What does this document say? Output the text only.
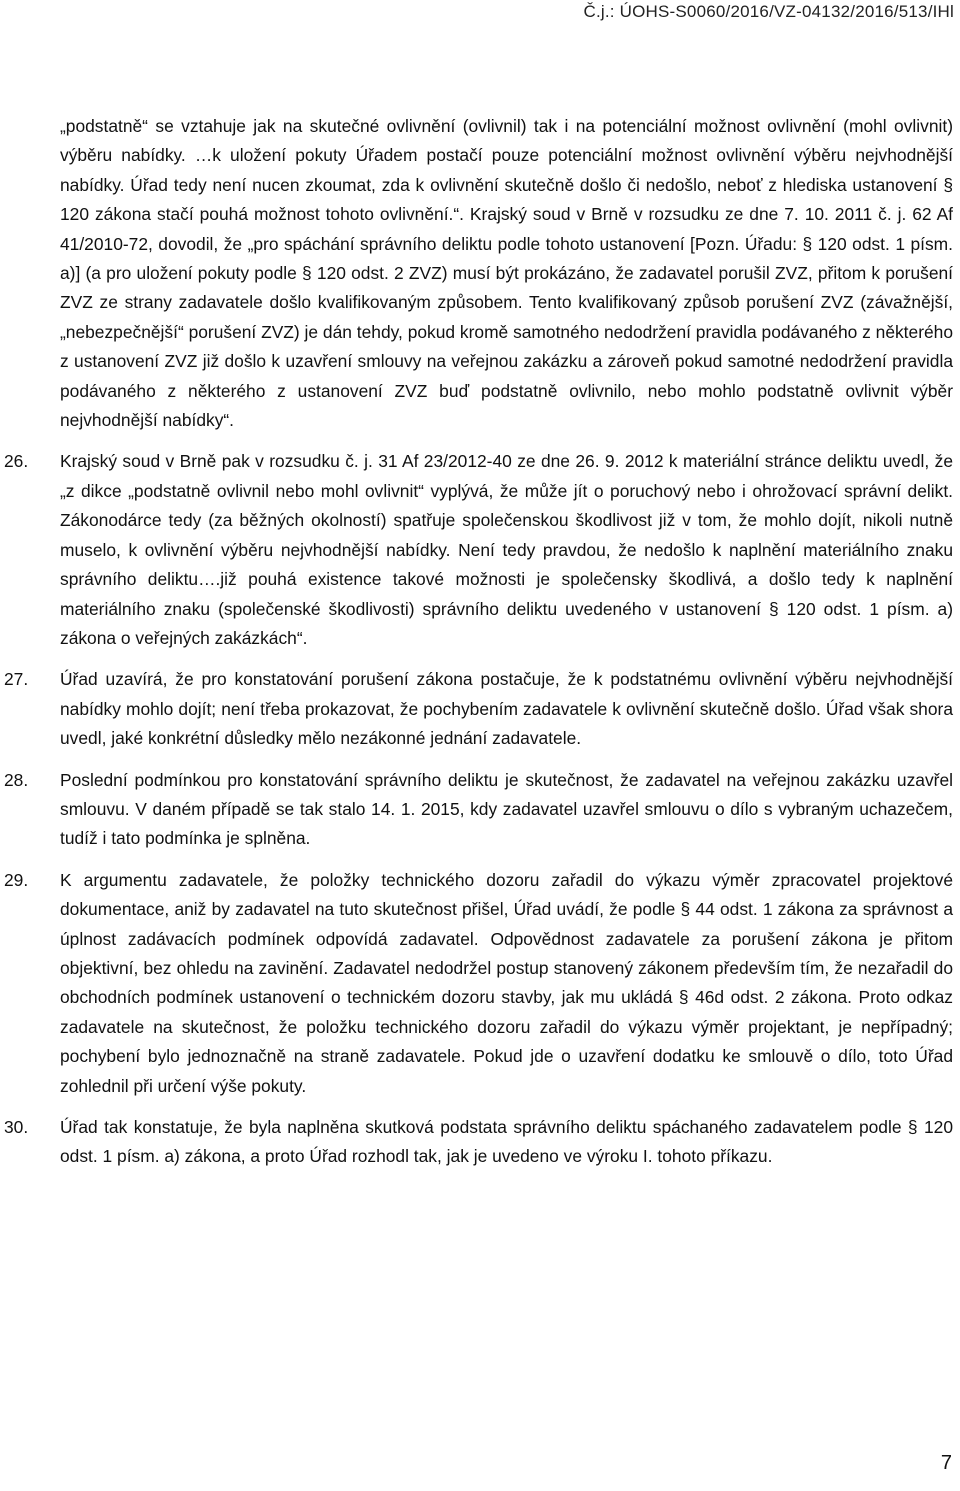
Č.j.: ÚOHS-S0060/2016/VZ-04132/2016/513/IHl

„podstatně“ se vztahuje jak na skutečné ovlivnění (ovlivnil) tak i na potenciální možnost ovlivnění (mohl ovlivnit) výběru nabídky. …k uložení pokuty Úřadem postačí pouze potenciální možnost ovlivnění výběru nejvhodnější nabídky. Úřad tedy není nucen zkoumat, zda k ovlivnění skutečně došlo či nedošlo, neboť z hlediska ustanovení § 120 zákona stačí pouhá možnost tohoto ovlivnění.“. Krajský soud v Brně v rozsudku ze dne 7. 10. 2011 č. j. 62 Af 41/2010-72, dovodil, že „pro spáchání správního deliktu podle tohoto ustanovení [Pozn. Úřadu: § 120 odst. 1 písm. a)] (a pro uložení pokuty podle § 120 odst. 2 ZVZ) musí být prokázáno, že zadavatel porušil ZVZ, přitom k porušení ZVZ ze strany zadavatele došlo kvalifikovaným způsobem. Tento kvalifikovaný způsob porušení ZVZ (závažnější, „nebezpečnější“ porušení ZVZ) je dán tehdy, pokud kromě samotného nedodržení pravidla podávaného z některého z ustanovení ZVZ již došlo k uzavření smlouvy na veřejnou zakázku a zároveň pokud samotné nedodržení pravidla podávaného z některého z ustanovení ZVZ buď podstatně ovlivnilo, nebo mohlo podstatně ovlivnit výběr nejvhodnější nabídky“.

26. Krajský soud v Brně pak v rozsudku č. j. 31 Af 23/2012-40 ze dne 26. 9. 2012 k materiální stránce deliktu uvedl, že „z dikce „podstatně ovlivnil nebo mohl ovlivnit“ vyplývá, že může jít o poruchový nebo i ohrožovací správní delikt. Zákonodárce tedy (za běžných okolností) spatřuje společenskou škodlivost již v tom, že mohlo dojít, nikoli nutně muselo, k ovlivnění výběru nejvhodnější nabídky. Není tedy pravdou, že nedošlo k naplnění materiálního znaku správního deliktu….již pouhá existence takové možnosti je společensky škodlivá, a došlo tedy k naplnění materiálního znaku (společenské škodlivosti) správního deliktu uvedeného v ustanovení § 120 odst. 1 písm. a) zákona o veřejných zakázkách“.

27. Úřad uzavírá, že pro konstatování porušení zákona postačuje, že k podstatnému ovlivnění výběru nejvhodnější nabídky mohlo dojít; není třeba prokazovat, že pochybením zadavatele k ovlivnění skutečně došlo. Úřad však shora uvedl, jaké konkrétní důsledky mělo nezákonné jednání zadavatele.

28. Poslední podmínkou pro konstatování správního deliktu je skutečnost, že zadavatel na veřejnou zakázku uzavřel smlouvu. V daném případě se tak stalo 14. 1. 2015, kdy zadavatel uzavřel smlouvu o dílo s vybraným uchazečem, tudíž i tato podmínka je splněna.

29. K argumentu zadavatele, že položky technického dozoru zařadil do výkazu výměr zpracovatel projektové dokumentace, aniž by zadavatel na tuto skutečnost přišel, Úřad uvádí, že podle § 44 odst. 1 zákona za správnost a úplnost zadávacích podmínek odpovídá zadavatel. Odpovědnost zadavatele za porušení zákona je přitom objektivní, bez ohledu na zavinění. Zadavatel nedodržel postup stanovený zákonem především tím, že nezařadil do obchodních podmínek ustanovení o technickém dozoru stavby, jak mu ukládá § 46d odst. 2 zákona. Proto odkaz zadavatele na skutečnost, že položku technického dozoru zařadil do výkazu výměr projektant, je nepřípadný; pochybení bylo jednoznačně na straně zadavatele. Pokud jde o uzavření dodatku ke smlouvě o dílo, toto Úřad zohlednil při určení výše pokuty.

30. Úřad tak konstatuje, že byla naplněna skutková podstata správního deliktu spáchaného zadavatelem podle § 120 odst. 1 písm. a) zákona, a proto Úřad rozhodl tak, jak je uvedeno ve výroku I. tohoto příkazu.

7
